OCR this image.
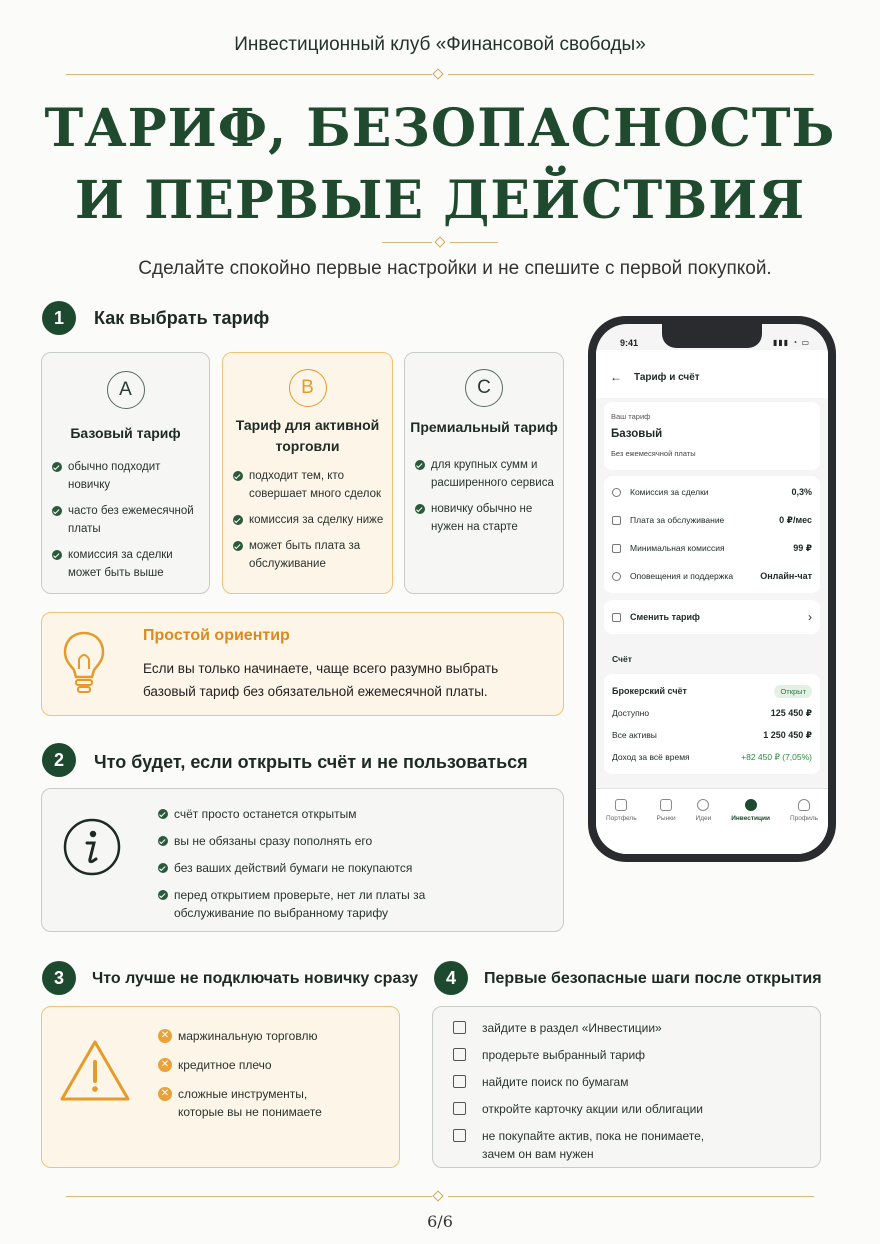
Инвестиционный клуб «Финансовой свободы»
ТАРИФ, БЕЗОПАСНОСТЬ
И ПЕРВЫЕ ДЕЙСТВИЯ
Сделайте спокойно первые настройки и не спешите с первой покупкой.
1	Как выбрать тариф
A
Базовый тариф
обычно подходит новичку
часто без ежемесячной платы
комиссия за сделки может быть выше
B
Тариф для активной торговли
подходит тем, кто совершает много сделок
комиссия за сделку ниже
может быть плата за обслуживание
C
Премиальный тариф
для крупных сумм и расширенного сервиса
новичку обычно не нужен на старте
Простой ориентир
Если вы только начинаете, чаще всего разумно выбрать базовый тариф без обязательной ежемесячной платы.
2	Что будет, если открыть счёт и не пользоваться
счёт просто останется открытым
вы не обязаны сразу пополнять его
без ваших действий бумаги не покупаются
перед открытием проверьте, нет ли платы за обслуживание по выбранному тарифу
3	Что лучше не подключать новичку сразу
✕ маржинальную торговлю
✕ кредитное плечо
✕ сложные инструменты, которые вы не понимаете
4	Первые безопасные шаги после открытия
зайдите в раздел «Инвестиции»
продерьте выбранный тариф
найдите поиск по бумагам
откройте карточку акции или облигации
не покупайте актив, пока не понимаете, зачем он вам нужен
9:41	▮▮▮ ◔ ▭
← Тариф и счёт
Ваш тариф
Базовый
Без ежемесячной платы
Комиссия за сделки	0,3%
Плата за обслуживание	0 ₽/мес
Минимальная комиссия	99 ₽
Оповещения и поддержка	Онлайн-чат
Сменить тариф	›
Счёт
Брокерский счёт	Открыт
Доступно	125 450 ₽
Все активы	1 250 450 ₽
Доход за всё время	+82 450 ₽ (7,05%)
Портфель	Рынки	Идеи	Инвестиции	Профиль
6/6
